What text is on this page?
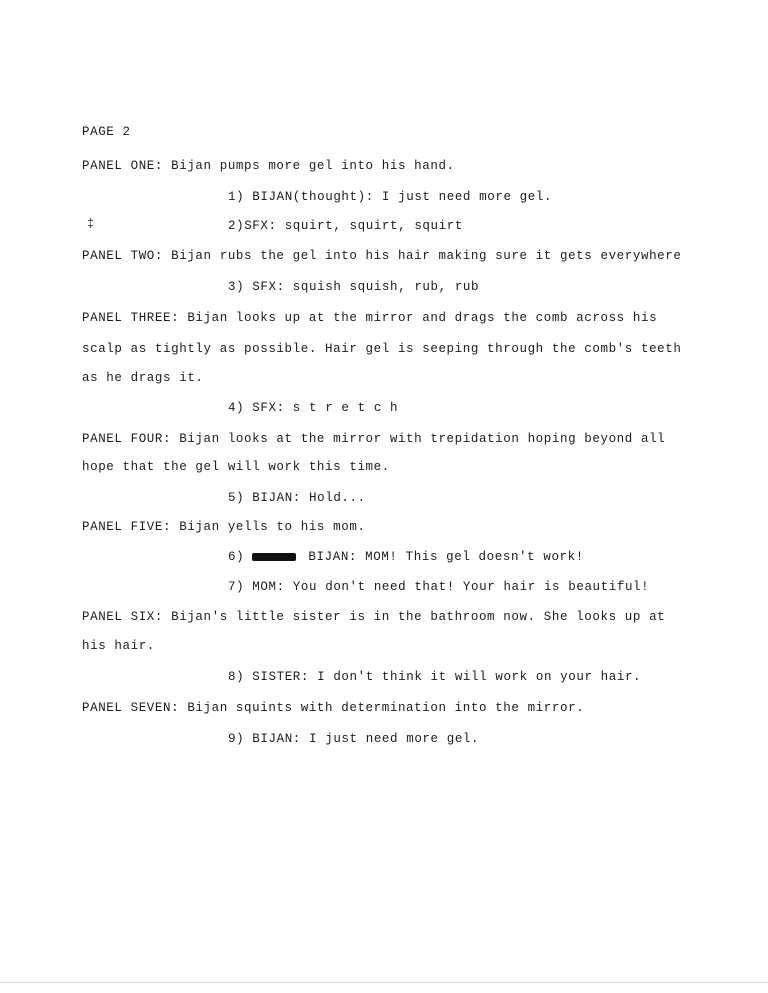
PAGE 2
PANEL ONE: Bijan pumps more gel into his hand.
1) BIJAN(thought): I just need more gel.
‡	2)SFX: squirt, squirt, squirt
PANEL TWO: Bijan rubs the gel into his hair making sure it gets everywhere
3) SFX: squish squish, rub, rub
PANEL THREE: Bijan looks up at the mirror and drags the comb across his
scalp as tightly as possible. Hair gel is seeping through the comb's teeth
as he drags it.
4) SFX: s t r e t c h
PANEL FOUR: Bijan looks at the mirror with trepidation hoping beyond all
hope that the gel will work this time.
5) BIJAN: Hold...
PANEL FIVE: Bijan yells to his mom.
6)	BIJAN: MOM! This gel doesn't work!
7) MOM: You don't need that! Your hair is beautiful!
PANEL SIX: Bijan's little sister is in the bathroom now. She looks up at
his hair.
8) SISTER: I don't think it will work on your hair.
PANEL SEVEN: Bijan squints with determination into the mirror.
9) BIJAN: I just need more gel.
